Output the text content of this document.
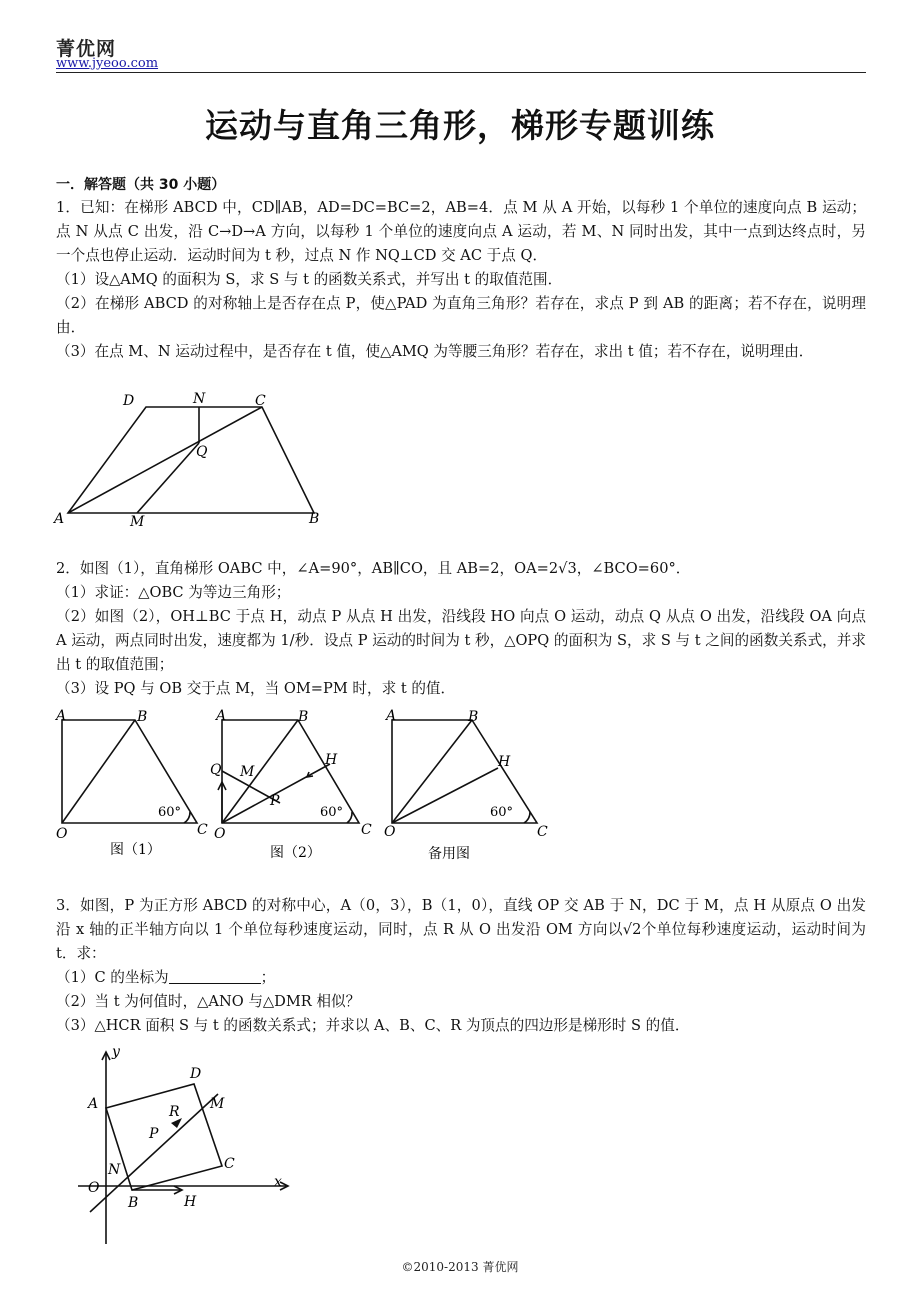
菁优网
www.jyeoo.com
运动与直角三角形，梯形专题训练
一．解答题（共 30 小题）
1．已知：在梯形 ABCD 中，CD∥AB，AD=DC=BC=2，AB=4．点 M 从 A 开始，以每秒 1 个单位的速度向点 B 运动；点 N 从点 C 出发，沿 C→D→A 方向，以每秒 1 个单位的速度向点 A 运动，若 M、N 同时出发，其中一点到达终点时，另一个点也停止运动．运动时间为 t 秒，过点 N 作 NQ⊥CD 交 AC 于点 Q．
（1）设△AMQ 的面积为 S，求 S 与 t 的函数关系式，并写出 t 的取值范围．
（2）在梯形 ABCD 的对称轴上是否存在点 P，使△PAD 为直角三角形？若存在，求点 P 到 AB 的距离；若不存在，说明理由．
（3）在点 M、N 运动过程中，是否存在 t 值，使△AMQ 为等腰三角形？若存在，求出 t 值；若不存在，说明理由．
D	N	C
Q
A	M	B
2．如图（1），直角梯形 OABC 中，∠A=90°，AB∥CO，且 AB=2，OA=2√3，∠BCO=60°．
（1）求证：△OBC 为等边三角形；
（2）如图（2），OH⊥BC 于点 H，动点 P 从点 H 出发，沿线段 HO 向点 O 运动，动点 Q 从点 O 出发，沿线段 OA 向点 A 运动，两点同时出发，速度都为 1/秒．设点 P 运动的时间为 t 秒，△OPQ 的面积为 S，求 S 与 t 之间的函数关系式，并求出 t 的取值范围；
（3）设 PQ 与 OB 交于点 M，当 OM=PM 时，求 t 的值．
A	B
O	C
60°
图（1）
A	B
H
Q M
P
O	C
60°
图（2）
A	B
H
O	C
60°
备用图
3．如图，P 为正方形 ABCD 的对称中心，A（0，3），B（1，0），直线 OP 交 AB 于 N，DC 于 M，点 H 从原点 O 出发沿 x 轴的正半轴方向以 1 个单位每秒速度运动，同时，点 R 从 O 出发沿 OM 方向以√2个单位每秒速度运动，运动时间为 t．求：
（1）C 的坐标为	；
（2）当 t 为何值时，△ANO 与△DMR 相似？
（3）△HCR 面积 S 与 t 的函数关系式；并求以 A、B、C、R 为顶点的四边形是梯形时 S 的值．
y
x
A
D
M
R
P
N
O
B	H
C
©2010-2013 菁优网
